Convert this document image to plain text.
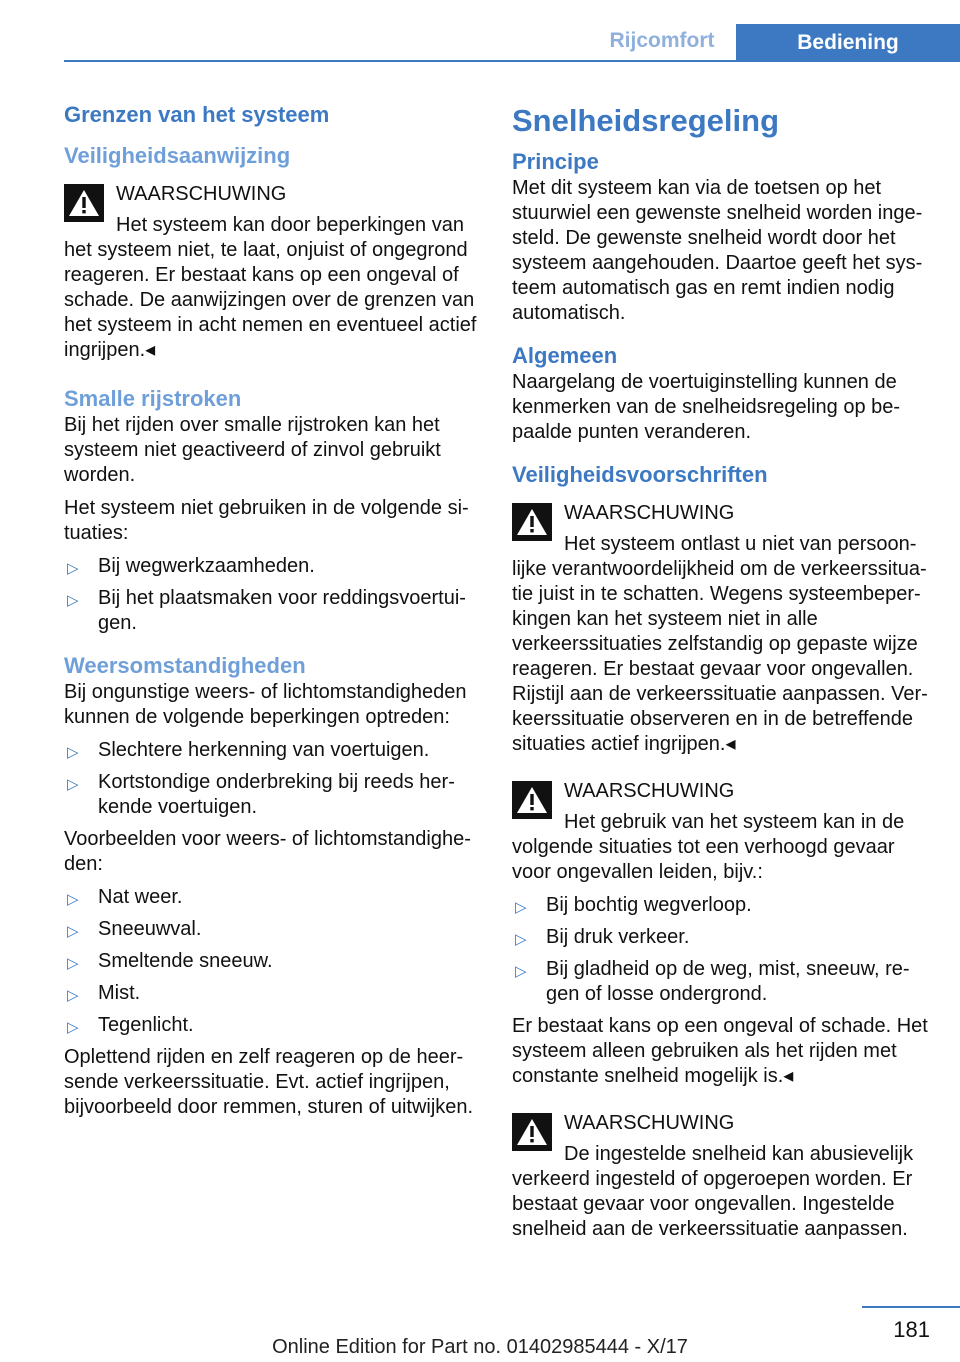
Rijcomfort	Bediening
Grenzen van het systeem
Veiligheidsaanwijzing
WAARSCHUWING
Het systeem kan door beperkingen van het systeem niet, te laat, onjuist of ongegrond reageren. Er bestaat kans op een ongeval of schade. De aanwijzingen over de grenzen van het systeem in acht nemen en eventueel actief ingrijpen.◂
Smalle rijstroken

Bij het rijden over smalle rijstroken kan het systeem niet geactiveerd of zinvol gebruikt worden.

Het systeem niet gebruiken in de volgende si‐tuaties:

▷ Bij wegwerkzaamheden.
▷ Bij het plaatsmaken voor reddingsvoertui‐gen.
Weersomstandigheden

Bij ongunstige weers- of lichtomstandigheden kunnen de volgende beperkingen optreden:

▷ Slechtere herkenning van voertuigen.
▷ Kortstondige onderbreking bij reeds her‐kende voertuigen.

Voorbeelden voor weers- of lichtomstandighe‐den:

▷ Nat weer.
▷ Sneeuwval.
▷ Smeltende sneeuw.
▷ Mist.
▷ Tegenlicht.

Oplettend rijden en zelf reageren op de heer‐sende verkeerssituatie. Evt. actief ingrijpen, bijvoorbeeld door remmen, sturen of uitwijken.

Snelheidsregeling
Principe

Met dit systeem kan via de toetsen op het stuurwiel een gewenste snelheid worden inge‐steld. De gewenste snelheid wordt door het systeem aangehouden. Daartoe geeft het sys‐teem automatisch gas en remt indien nodig automatisch.

Algemeen

Naargelang de voertuiginstelling kunnen de kenmerken van de snelheidsregeling op be‐paalde punten veranderen.

Veiligheidsvoorschriften
WAARSCHUWING
Het systeem ontlast u niet van persoon‐lijke verantwoordelijkheid om de verkeerssitua‐tie juist in te schatten. Wegens systeembeper‐kingen kan het systeem niet in alle verkeerssituaties zelfstandig op gepaste wijze reageren. Er bestaat gevaar voor ongevallen. Rijstijl aan de verkeerssituatie aanpassen. Ver‐keerssituatie observeren en in de betreffende situaties actief ingrijpen.◂
WAARSCHUWING
Het gebruik van het systeem kan in de volgende situaties tot een verhoogd gevaar voor ongevallen leiden, bijv.:
▷ Bij bochtig wegverloop.
▷ Bij druk verkeer.
▷ Bij gladheid op de weg, mist, sneeuw, re‐gen of losse ondergrond.

Er bestaat kans op een ongeval of schade. Het systeem alleen gebruiken als het rijden met constante snelheid mogelijk is.◂

WAARSCHUWING
De ingestelde snelheid kan abusievelijk verkeerd ingesteld of opgeroepen worden. Er bestaat gevaar voor ongevallen. Ingestelde snelheid aan de verkeerssituatie aanpassen.
181
Online Edition for Part no. 01402985444 - X/17
